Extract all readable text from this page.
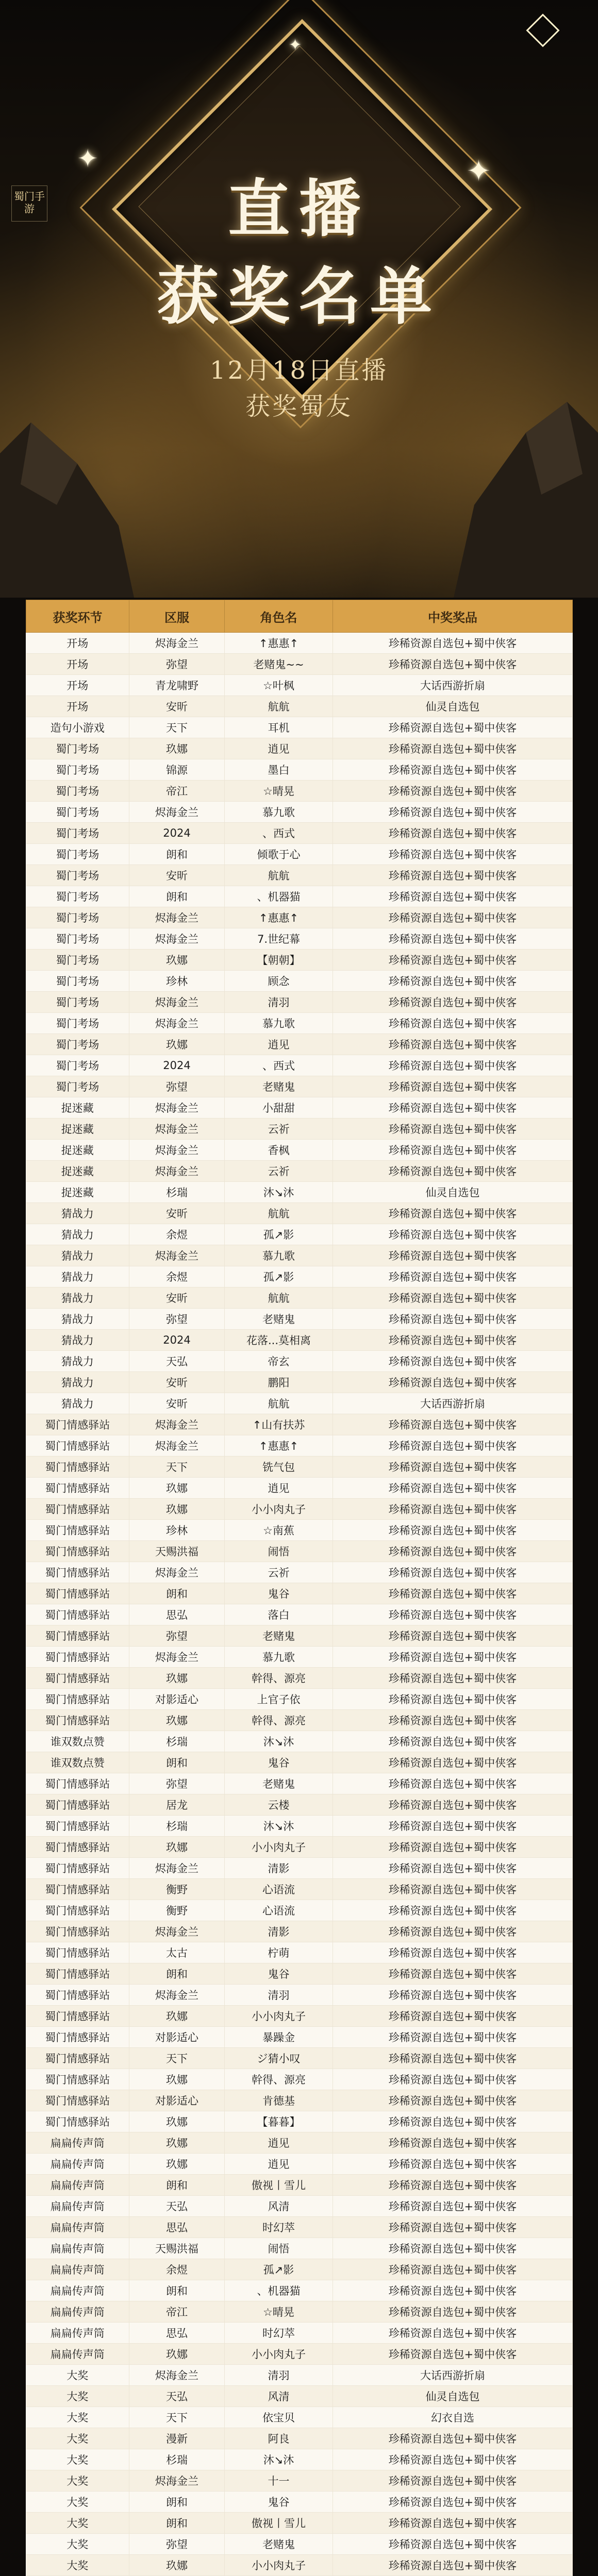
✦	✦
✦
蜀门手游	直播
获奖名单
12月18日直播
获奖蜀友
获奖环节	区服	角色名	中奖奖品
开场	烬海金兰	↑惠惠↑	珍稀资源自选包+蜀中侠客
开场	弥望	老赌鬼~~	珍稀资源自选包+蜀中侠客
开场	青龙啸野	☆叶枫	大话西游折扇
开场	安昕	航航	仙灵自选包
造句小游戏	天下	耳机	珍稀资源自选包+蜀中侠客
蜀门考场	玖娜	逍见	珍稀资源自选包+蜀中侠客
蜀门考场	锦源	墨白	珍稀资源自选包+蜀中侠客
蜀门考场	帝江	☆晴晃	珍稀资源自选包+蜀中侠客
蜀门考场	烬海金兰	慕九歌	珍稀资源自选包+蜀中侠客
蜀门考场	2024	、西式	珍稀资源自选包+蜀中侠客
蜀门考场	朗和	倾歌于心	珍稀资源自选包+蜀中侠客
蜀门考场	安昕	航航	珍稀资源自选包+蜀中侠客
蜀门考场	朗和	、机器猫	珍稀资源自选包+蜀中侠客
蜀门考场	烬海金兰	↑惠惠↑	珍稀资源自选包+蜀中侠客
蜀门考场	烬海金兰	7.世纪幕	珍稀资源自选包+蜀中侠客
蜀门考场	玖娜	【朝朝】	珍稀资源自选包+蜀中侠客
蜀门考场	珍林	顾念	珍稀资源自选包+蜀中侠客
蜀门考场	烬海金兰	清羽	珍稀资源自选包+蜀中侠客
蜀门考场	烬海金兰	慕九歌	珍稀资源自选包+蜀中侠客
蜀门考场	玖娜	逍见	珍稀资源自选包+蜀中侠客
蜀门考场	2024	、西式	珍稀资源自选包+蜀中侠客
蜀门考场	弥望	老赌鬼	珍稀资源自选包+蜀中侠客
捉迷藏	烬海金兰	小甜甜	珍稀资源自选包+蜀中侠客
捉迷藏	烬海金兰	云祈	珍稀资源自选包+蜀中侠客
捉迷藏	烬海金兰	香枫	珍稀资源自选包+蜀中侠客
捉迷藏	烬海金兰	云祈	珍稀资源自选包+蜀中侠客
捉迷藏	杉瑞	沐↘沐	仙灵自选包
猜战力	安昕	航航	珍稀资源自选包+蜀中侠客
猜战力	余煜	孤↗影	珍稀资源自选包+蜀中侠客
猜战力	烬海金兰	慕九歌	珍稀资源自选包+蜀中侠客
猜战力	余煜	孤↗影	珍稀资源自选包+蜀中侠客
猜战力	安昕	航航	珍稀资源自选包+蜀中侠客
猜战力	弥望	老赌鬼	珍稀资源自选包+蜀中侠客
猜战力	2024	花落...莫相离	珍稀资源自选包+蜀中侠客
猜战力	天弘	帝玄	珍稀资源自选包+蜀中侠客
猜战力	安昕	鹏阳	珍稀资源自选包+蜀中侠客
猜战力	安昕	航航	大话西游折扇
蜀门情感驿站	烬海金兰	↑山有扶苏	珍稀资源自选包+蜀中侠客
蜀门情感驿站	烬海金兰	↑惠惠↑	珍稀资源自选包+蜀中侠客
蜀门情感驿站	天下	铣气包	珍稀资源自选包+蜀中侠客
蜀门情感驿站	玖娜	逍见	珍稀资源自选包+蜀中侠客
蜀门情感驿站	玖娜	小小肉丸子	珍稀资源自选包+蜀中侠客
蜀门情感驿站	珍林	☆南蕉	珍稀资源自选包+蜀中侠客
蜀门情感驿站	天赐洪福	闹悟	珍稀资源自选包+蜀中侠客
蜀门情感驿站	烬海金兰	云祈	珍稀资源自选包+蜀中侠客
蜀门情感驿站	朗和	鬼谷	珍稀资源自选包+蜀中侠客
蜀门情感驿站	思弘	落白	珍稀资源自选包+蜀中侠客
蜀门情感驿站	弥望	老赌鬼	珍稀资源自选包+蜀中侠客
蜀门情感驿站	烬海金兰	慕九歌	珍稀资源自选包+蜀中侠客
蜀门情感驿站	玖娜	幹得、源亮	珍稀资源自选包+蜀中侠客
蜀门情感驿站	对影适心	上官子依	珍稀资源自选包+蜀中侠客
蜀门情感驿站	玖娜	幹得、源亮	珍稀资源自选包+蜀中侠客
谁双数点赞	杉瑞	沐↘沐	珍稀资源自选包+蜀中侠客
谁双数点赞	朗和	鬼谷	珍稀资源自选包+蜀中侠客
蜀门情感驿站	弥望	老赌鬼	珍稀资源自选包+蜀中侠客
蜀门情感驿站	居龙	云楼	珍稀资源自选包+蜀中侠客
蜀门情感驿站	杉瑞	沐↘沐	珍稀资源自选包+蜀中侠客
蜀门情感驿站	玖娜	小小肉丸子	珍稀资源自选包+蜀中侠客
蜀门情感驿站	烬海金兰	清影	珍稀资源自选包+蜀中侠客
蜀门情感驿站	衡野	心语流	珍稀资源自选包+蜀中侠客
蜀门情感驿站	衡野	心语流	珍稀资源自选包+蜀中侠客
蜀门情感驿站	烬海金兰	清影	珍稀资源自选包+蜀中侠客
蜀门情感驿站	太古	柠萌	珍稀资源自选包+蜀中侠客
蜀门情感驿站	朗和	鬼谷	珍稀资源自选包+蜀中侠客
蜀门情感驿站	烬海金兰	清羽	珍稀资源自选包+蜀中侠客
蜀门情感驿站	玖娜	小小肉丸子	珍稀资源自选包+蜀中侠客
蜀门情感驿站	对影适心	暴躁金	珍稀资源自选包+蜀中侠客
蜀门情感驿站	天下	ジ猜小叹	珍稀资源自选包+蜀中侠客
蜀门情感驿站	玖娜	幹得、源亮	珍稀资源自选包+蜀中侠客
蜀门情感驿站	对影适心	肯德基	珍稀资源自选包+蜀中侠客
蜀门情感驿站	玖娜	【暮暮】	珍稀资源自选包+蜀中侠客
扁扁传声筒	玖娜	逍见	珍稀资源自选包+蜀中侠客
扁扁传声筒	玖娜	逍见	珍稀资源自选包+蜀中侠客
扁扁传声筒	朗和	傲视丨雪儿	珍稀资源自选包+蜀中侠客
扁扁传声筒	天弘	风清	珍稀资源自选包+蜀中侠客
扁扁传声筒	思弘	时幻萃	珍稀资源自选包+蜀中侠客
扁扁传声筒	天赐洪福	闹悟	珍稀资源自选包+蜀中侠客
扁扁传声筒	余煜	孤↗影	珍稀资源自选包+蜀中侠客
扁扁传声筒	朗和	、机器猫	珍稀资源自选包+蜀中侠客
扁扁传声筒	帝江	☆晴晃	珍稀资源自选包+蜀中侠客
扁扁传声筒	思弘	时幻萃	珍稀资源自选包+蜀中侠客
扁扁传声筒	玖娜	小小肉丸子	珍稀资源自选包+蜀中侠客
大奖	烬海金兰	清羽	大话西游折扇
大奖	天弘	风清	仙灵自选包
大奖	天下	依宝贝	幻衣自选
大奖	漫新	阿良	珍稀资源自选包+蜀中侠客
大奖	杉瑞	沐↘沐	珍稀资源自选包+蜀中侠客
大奖	烬海金兰	十一	珍稀资源自选包+蜀中侠客
大奖	朗和	鬼谷	珍稀资源自选包+蜀中侠客
大奖	朗和	傲视丨雪儿	珍稀资源自选包+蜀中侠客
大奖	弥望	老赌鬼	珍稀资源自选包+蜀中侠客
大奖	玖娜	小小肉丸子	珍稀资源自选包+蜀中侠客
